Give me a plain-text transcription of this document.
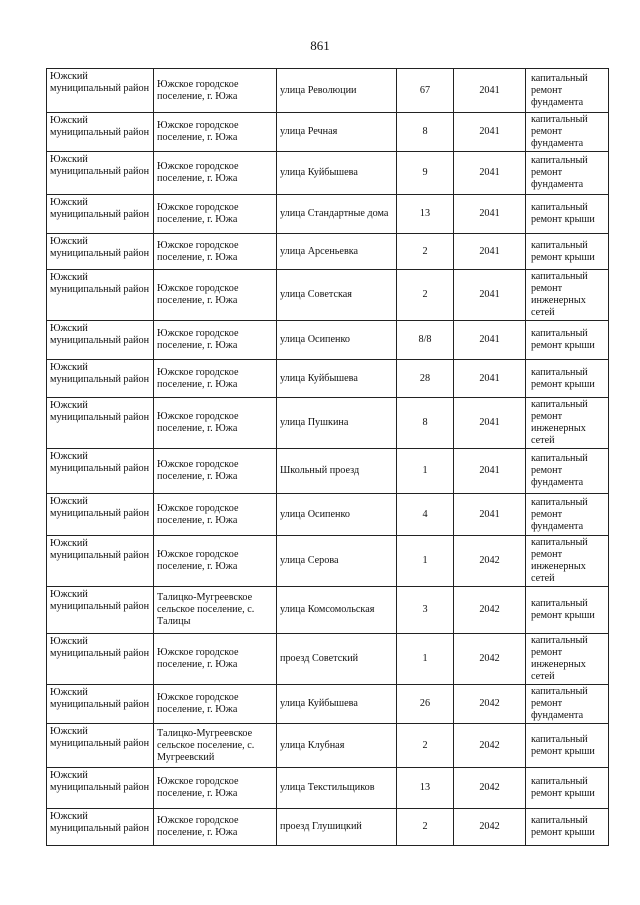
861
Южский муниципальный район	Южское городское поселение, г. Южа	улица Революции	67	2041	капитальный ремонт фундамента
Южский муниципальный район	Южское городское поселение, г. Южа	улица Речная	8	2041	капитальный ремонт фундамента
Южский муниципальный район	Южское городское поселение, г. Южа	улица Куйбышева	9	2041	капитальный ремонт фундамента
Южский муниципальный район	Южское городское поселение, г. Южа	улица Стандартные дома	13	2041	капитальный ремонт крыши
Южский муниципальный район	Южское городское поселение, г. Южа	улица Арсеньевка	2	2041	капитальный ремонт крыши
Южский муниципальный район	Южское городское поселение, г. Южа	улица Советская	2	2041	капитальный ремонт инженерных сетей
Южский муниципальный район	Южское городское поселение, г. Южа	улица Осипенко	8/8	2041	капитальный ремонт крыши
Южский муниципальный район	Южское городское поселение, г. Южа	улица Куйбышева	28	2041	капитальный ремонт крыши
Южский муниципальный район	Южское городское поселение, г. Южа	улица Пушкина	8	2041	капитальный ремонт инженерных сетей
Южский муниципальный район	Южское городское поселение, г. Южа	Школьный проезд	1	2041	капитальный ремонт фундамента
Южский муниципальный район	Южское городское поселение, г. Южа	улица Осипенко	4	2041	капитальный ремонт фундамента
Южский муниципальный район	Южское городское поселение, г. Южа	улица Серова	1	2042	капитальный ремонт инженерных сетей
Южский муниципальный район	Талицко-Мугреевское сельское поселение, с. Талицы	улица Комсомольская	3	2042	капитальный ремонт крыши
Южский муниципальный район	Южское городское поселение, г. Южа	проезд Советский	1	2042	капитальный ремонт инженерных сетей
Южский муниципальный район	Южское городское поселение, г. Южа	улица Куйбышева	26	2042	капитальный ремонт фундамента
Южский муниципальный район	Талицко-Мугреевское сельское поселение, с. Мугреевский	улица Клубная	2	2042	капитальный ремонт крыши
Южский муниципальный район	Южское городское поселение, г. Южа	улица Текстильщиков	13	2042	капитальный ремонт крыши
Южский муниципальный район	Южское городское поселение, г. Южа	проезд Глушицкий	2	2042	капитальный ремонт крыши
